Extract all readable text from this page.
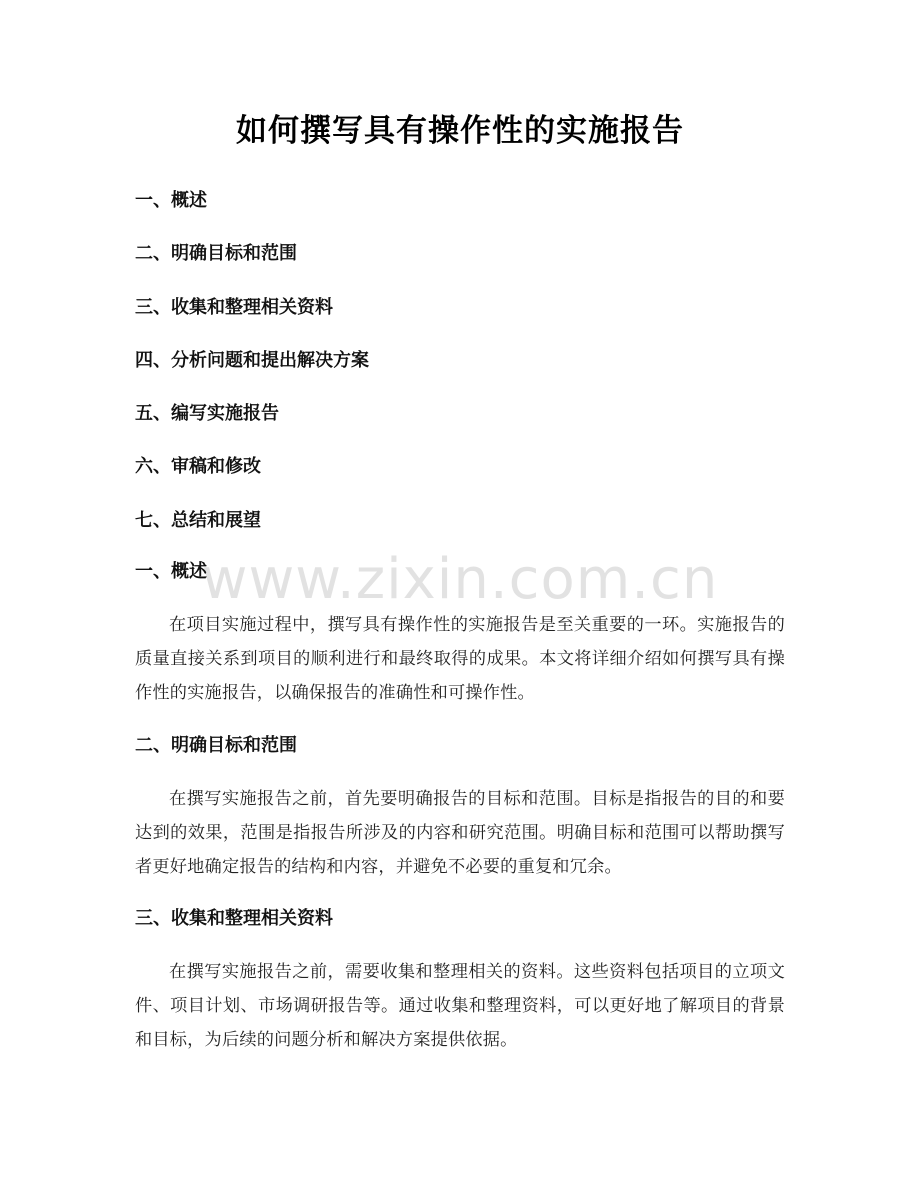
www.zixin.com.cn
如何撰写具有操作性的实施报告
一、概述
二、明确目标和范围
三、收集和整理相关资料
四、分析问题和提出解决方案
五、编写实施报告
六、审稿和修改
七、总结和展望
一、概述

在项目实施过程中，撰写具有操作性的实施报告是至关重要的一环。实施报告的质量直接关系到项目的顺利进行和最终取得的成果。本文将详细介绍如何撰写具有操作性的实施报告，以确保报告的准确性和可操作性。

二、明确目标和范围

在撰写实施报告之前，首先要明确报告的目标和范围。目标是指报告的目的和要达到的效果，范围是指报告所涉及的内容和研究范围。明确目标和范围可以帮助撰写者更好地确定报告的结构和内容，并避免不必要的重复和冗余。

三、收集和整理相关资料

在撰写实施报告之前，需要收集和整理相关的资料。这些资料包括项目的立项文件、项目计划、市场调研报告等。通过收集和整理资料，可以更好地了解项目的背景和目标，为后续的问题分析和解决方案提供依据。
